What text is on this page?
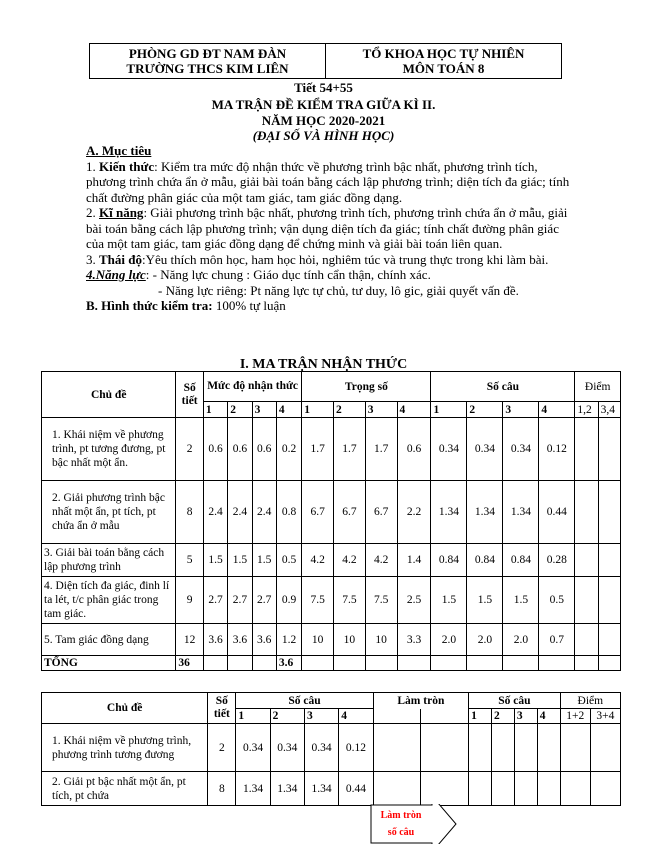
PHÒNG GD ĐT NAM ĐÀN
TRƯỜNG THCS KIM LIÊN

TỔ KHOA HỌC TỰ NHIÊN
MÔN TOÁN 8
Tiết 54+55
MA TRẬN ĐỀ KIỂM TRA GIỮA KÌ II.
NĂM HỌC 2020-2021
(ĐẠI SỐ VÀ HÌNH HỌC)
A. Mục tiêu
1. Kiến thức: Kiểm tra mức độ nhận thức về phương trình bậc nhất, phương trình tích, phương trình chứa ẩn ở mẫu, giải bài toán bằng cách lập phương trình; diện tích đa giác; tính chất đường phân giác của một tam giác, tam giác đồng dạng.
2. Kĩ năng: Giải phương trình bậc nhất, phương trình tích, phương trình chứa ẩn ở mẫu, giải bài toán bằng cách lập phương trình; vận dụng diện tích đa giác; tính chất đường phân giác của một tam giác, tam giác đồng dạng để chứng minh và giải bài toán liên quan.
3. Thái độ:Yêu thích môn học, ham học hỏi, nghiêm túc và trung thực trong khi làm bài.
4.Năng lực: - Năng lực chung : Giáo dục tính cẩn thận, chính xác.
- Năng lực riêng: Pt năng lực tự chủ, tư duy, lô gic, giải quyết vấn đề.
B. Hình thức kiểm tra: 100% tự luận
I. MA TRẬN NHẬN THỨC
Chủ đề	Số tiết	Mức độ nhận thức				Trọng số				Số câu				Điểm	
		1	2	3	4	1	2	3	4	1	2	3	4	1,2	3,4
1. Khái niệm về phương trình, pt tương đương, pt bậc nhất một ẩn.	2	0.6	0.6	0.6	0.2	1.7	1.7	1.7	0.6	0.34	0.34	0.34	0.12		
2. Giải phương trình bậc nhất một ẩn, pt tích, pt chứa ẩn ở mẫu	8	2.4	2.4	2.4	0.8	6.7	6.7	6.7	2.2	1.34	1.34	1.34	0.44		
3. Giải bài toán bằng cách lập phương trình	5	1.5	1.5	1.5	0.5	4.2	4.2	4.2	1.4	0.84	0.84	0.84	0.28		
4. Diện tích đa giác, đinh lí ta lét, t/c phân giác trong tam giác.	9	2.7	2.7	2.7	0.9	7.5	7.5	7.5	2.5	1.5	1.5	1.5	0.5		
5. Tam giác đồng dạng	12	3.6	3.6	3.6	1.2	10	10	10	3.3	2.0	2.0	2.0	0.7		
TỔNG	36				3.6										
Chủ đề	Số tiết	Số câu				Làm tròn		Số câu				Điểm	
		1	2	3	4			1	2	3	4	1+2	3+4
1. Khái niệm về phương trình, phương trình tương đương	2	0.34	0.34	0.34	0.12								
2. Giải pt bậc nhất một ẩn, pt tích, pt chứa	8	1.34	1.34	1.34	0.44								
Làm tròn
số câu
